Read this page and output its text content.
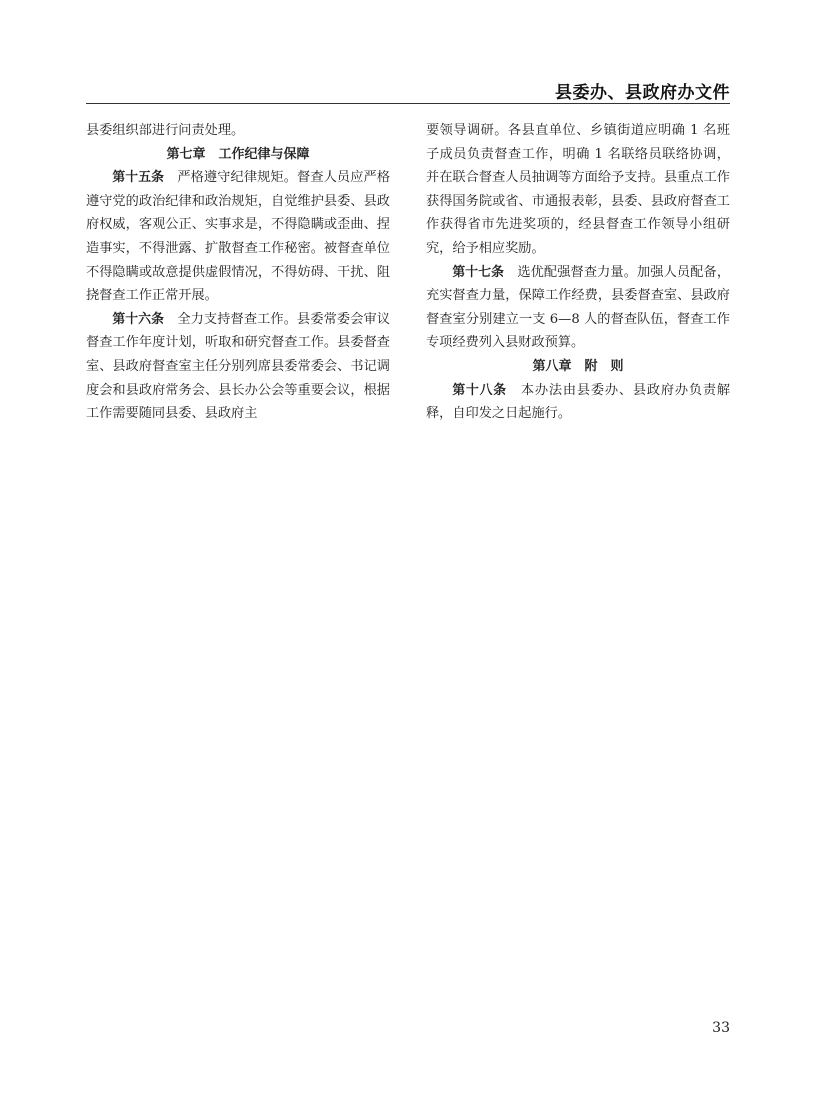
县委办、县政府办文件

县委组织部进行问责处理。

第七章　工作纪律与保障

第十五条　严格遵守纪律规矩。督查人员应严格遵守党的政治纪律和政治规矩，自觉维护县委、县政府权威，客观公正、实事求是，不得隐瞒或歪曲、捏造事实，不得泄露、扩散督查工作秘密。被督查单位不得隐瞒或故意提供虚假情况，不得妨碍、干扰、阻挠督查工作正常开展。

第十六条　全力支持督查工作。县委常委会审议督查工作年度计划，听取和研究督查工作。县委督查室、县政府督查室主任分别列席县委常委会、书记调度会和县政府常务会、县长办公会等重要会议，根据工作需要随同县委、县政府主

要领导调研。各县直单位、乡镇街道应明确 1 名班子成员负责督查工作，明确 1 名联络员联络协调，并在联合督查人员抽调等方面给予支持。县重点工作获得国务院或省、市通报表彰，县委、县政府督查工作获得省市先进奖项的，经县督查工作领导小组研究，给予相应奖励。

第十七条　选优配强督查力量。加强人员配备，充实督查力量，保障工作经费，县委督查室、县政府督查室分别建立一支 6—8 人的督查队伍，督查工作专项经费列入县财政预算。

第八章　附　则

第十八条　本办法由县委办、县政府办负责解释，自印发之日起施行。

33
